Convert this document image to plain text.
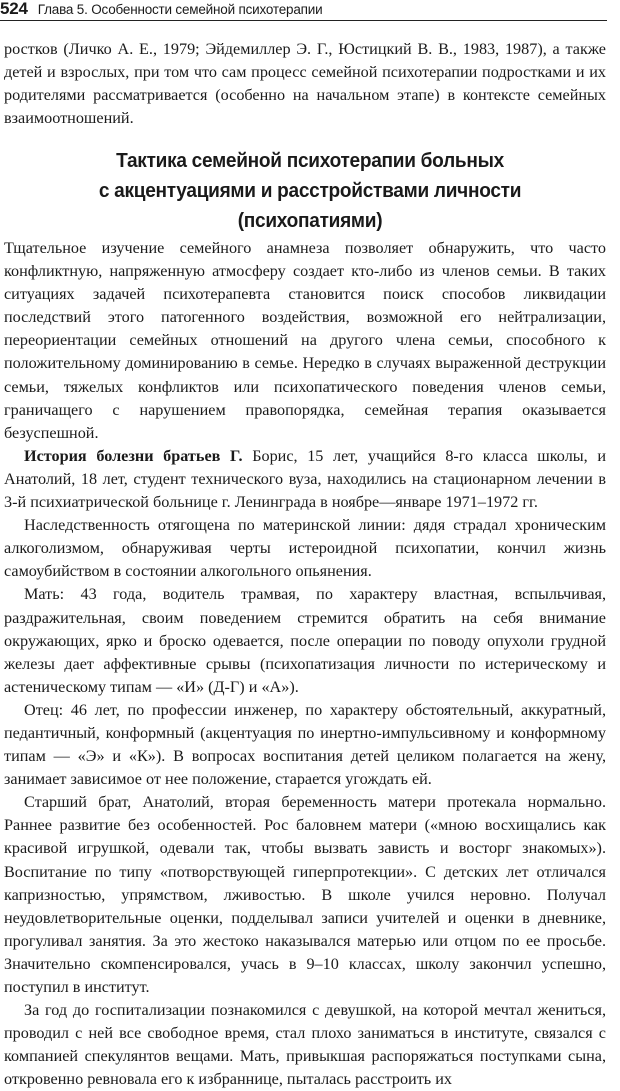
524 Глава 5. Особенности семейной психотерапии

ростков (Личко А. Е., 1979; Эйдемиллер Э. Г., Юстицкий В. В., 1983, 1987), а также детей и взрослых, при том что сам процесс семейной психотерапии подростками и их родителями рассматривается (особенно на начальном этапе) в контексте семейных взаимоотношений.

Тактика семейной психотерапии больных
с акцентуациями и расстройствами личности
(психопатиями)

Тщательное изучение семейного анамнеза позволяет обнаружить, что часто конфликтную, напряженную атмосферу создает кто-либо из членов семьи. В таких ситуациях задачей психотерапевта становится поиск способов ликвидации последствий этого патогенного воздействия, возможной его нейтрализации, переориентации семейных отношений на другого члена семьи, способного к положительному доминированию в семье. Нередко в случаях выраженной деструкции семьи, тяжелых конфликтов или психопатического поведения членов семьи, граничащего с нарушением правопорядка, семейная терапия оказывается безуспешной.

История болезни братьев Г. Борис, 15 лет, учащийся 8-го класса школы, и Анатолий, 18 лет, студент технического вуза, находились на стационарном лечении в 3-й психиатрической больнице г. Ленинграда в ноябре—январе 1971–1972 гг.

Наследственность отягощена по материнской линии: дядя страдал хроническим алкоголизмом, обнаруживая черты истероидной психопатии, кончил жизнь самоубийством в состоянии алкогольного опьянения.

Мать: 43 года, водитель трамвая, по характеру властная, вспыльчивая, раздражительная, своим поведением стремится обратить на себя внимание окружающих, ярко и броско одевается, после операции по поводу опухоли грудной железы дает аффективные срывы (психопатизация личности по истерическому и астеническому типам — «И» (Д-Г) и «А»).

Отец: 46 лет, по профессии инженер, по характеру обстоятельный, аккуратный, педантичный, конформный (акцентуация по инертно-импульсивному и конформному типам — «Э» и «К»). В вопросах воспитания детей целиком полагается на жену, занимает зависимое от нее положение, старается угождать ей.

Старший брат, Анатолий, вторая беременность матери протекала нормально. Раннее развитие без особенностей. Рос баловнем матери («мною восхищались как красивой игрушкой, одевали так, чтобы вызвать зависть и восторг знакомых»). Воспитание по типу «потворствующей гиперпротекции». С детских лет отличался капризностью, упрямством, лживостью. В школе учился неровно. Получал неудовлетворительные оценки, подделывал записи учителей и оценки в дневнике, прогуливал занятия. За это жестоко наказывался матерью или отцом по ее просьбе. Значительно скомпенсировался, учась в 9–10 классах, школу закончил успешно, поступил в институт.

За год до госпитализации познакомился с девушкой, на которой мечтал жениться, проводил с ней все свободное время, стал плохо заниматься в институте, связался с компанией спекулянтов вещами. Мать, привыкшая распоряжаться поступками сына, откровенно ревновала его к избраннице, пыталась расстроить их
